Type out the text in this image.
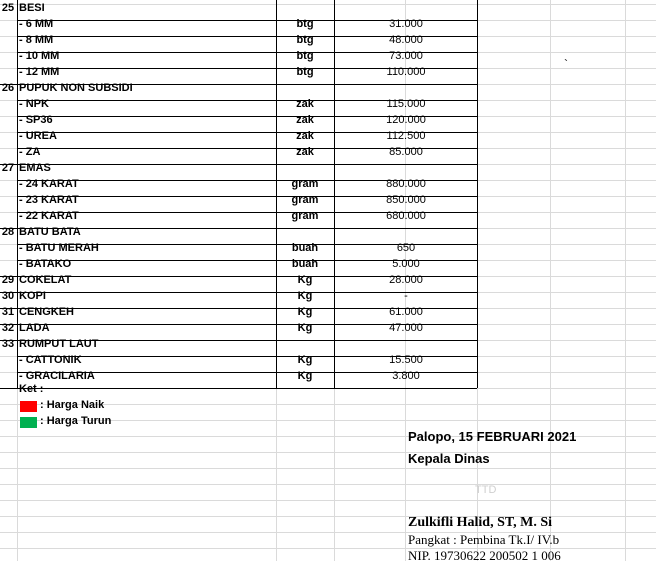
25 BESI
- 6 MM	btg	31.000
- 8 MM	btg	48.000
- 10 MM	btg	73.000
- 12 MM	btg	110.000
26 PUPUK NON SUBSIDI
- NPK	zak	115.000
- SP36	zak	120.000
- UREA	zak	112.500
- ZA	zak	85.000
27 EMAS
- 24 KARAT	gram	880.000
- 23 KARAT	gram	850.000
- 22 KARAT	gram	680.000
28 BATU BATA
- BATU MERAH	buah	650
- BATAKO	buah	5.000
29 COKELAT	Kg	28.000
30 KOPI	Kg	-
31 CENGKEH	Kg	61.000
32 LADA	Kg	47.000
33 RUMPUT LAUT
- CATTONIK	Kg	15.500
- GRACILARIA	Kg	3.800
`
Ket :
: Harga Naik
: Harga Turun
Palopo, 15 FEBRUARI 2021
Kepala Dinas
TTD
Zulkifli Halid, ST, M. Si
Pangkat : Pembina Tk.I/ IV.b
NIP. 19730622 200502 1 006
